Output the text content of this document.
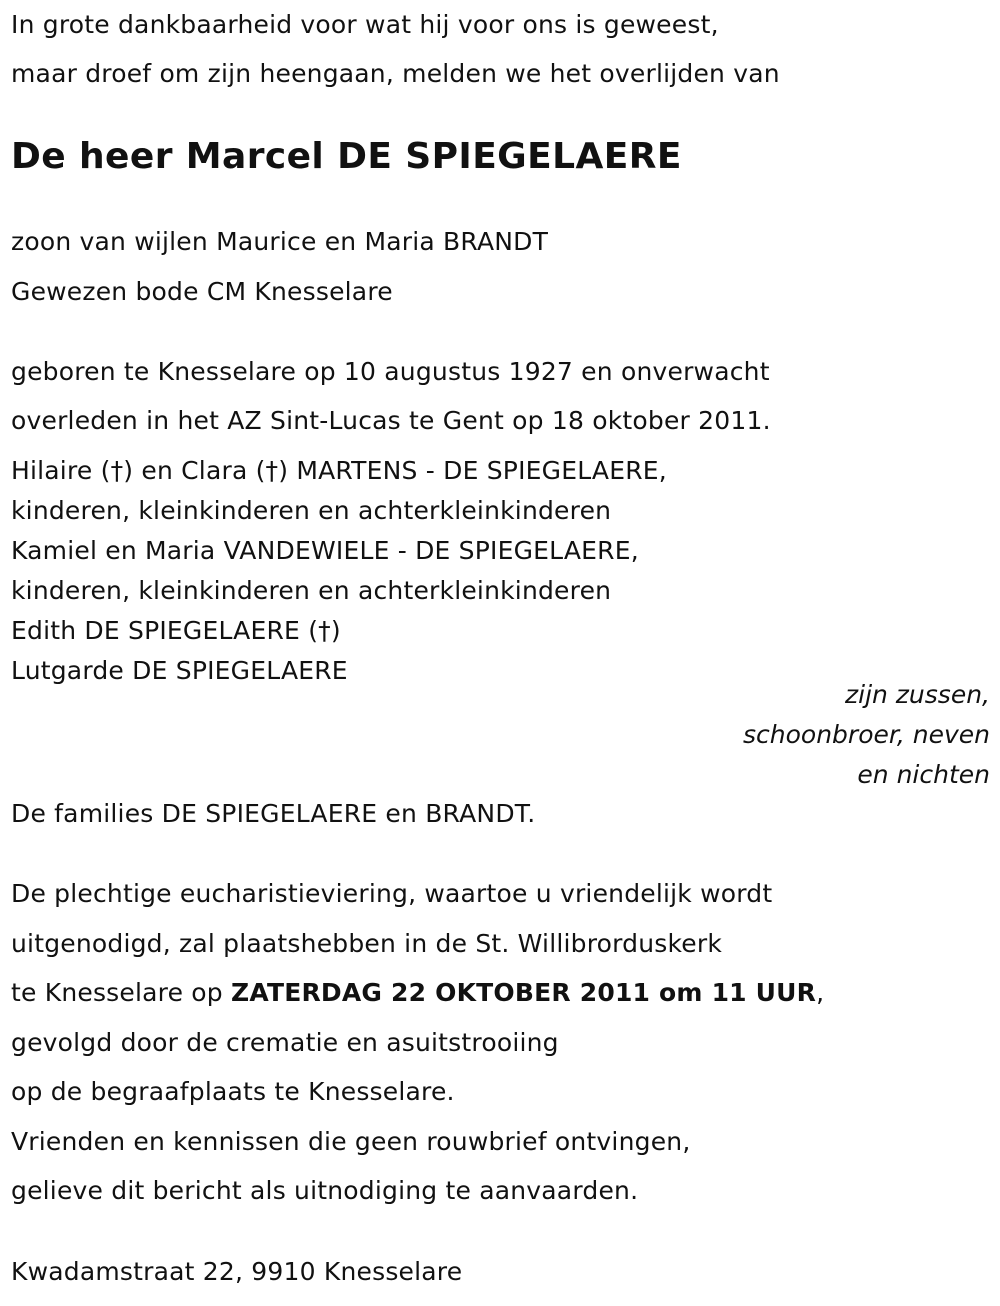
In grote dankbaarheid voor wat hij voor ons is geweest,
maar droef om zijn heengaan, melden we het overlijden van
De heer Marcel DE SPIEGELAERE
zoon van wijlen Maurice en Maria BRANDT
Gewezen bode CM Knesselare
geboren te Knesselare op 10 augustus 1927 en onverwacht
overleden in het AZ Sint-Lucas te Gent op 18 oktober 2011.
Hilaire (†) en Clara (†) MARTENS - DE SPIEGELAERE,
kinderen, kleinkinderen en achterkleinkinderen
Kamiel en Maria VANDEWIELE - DE SPIEGELAERE,
kinderen, kleinkinderen en achterkleinkinderen
Edith DE SPIEGELAERE (†)
Lutgarde DE SPIEGELAERE
zijn zussen,
schoonbroer, neven
en nichten
De families DE SPIEGELAERE en BRANDT.
De plechtige eucharistieviering, waartoe u vriendelijk wordt
uitgenodigd, zal plaatshebben in de St. Willibrorduskerk
te Knesselare op ZATERDAG 22 OKTOBER 2011 om 11 UUR,
gevolgd door de crematie en asuitstrooiing
op de begraafplaats te Knesselare.
Vrienden en kennissen die geen rouwbrief ontvingen,
gelieve dit bericht als uitnodiging te aanvaarden.
Kwadamstraat 22, 9910 Knesselare
